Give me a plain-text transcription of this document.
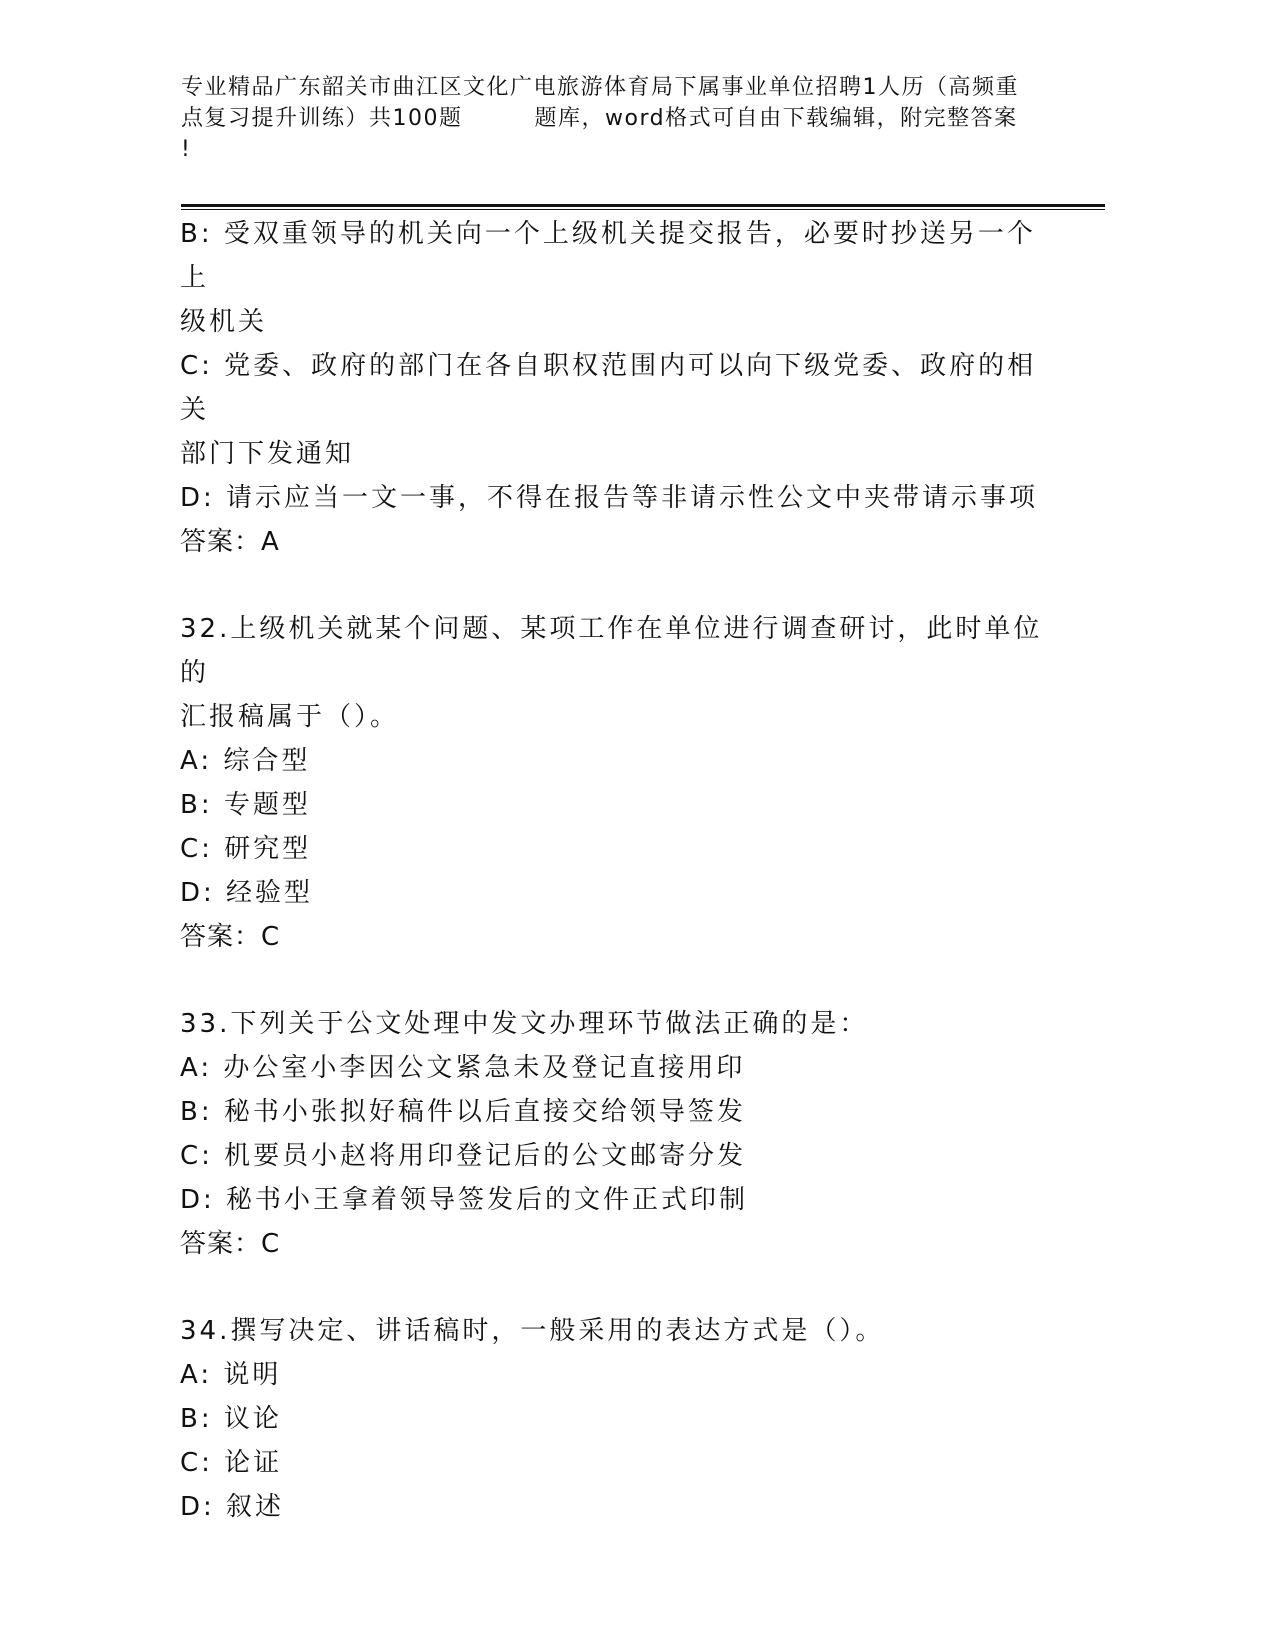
专业精品广东韶关市曲江区文化广电旅游体育局下属事业单位招聘1人历（高频重
点复习提升训练）共100题	题库，word格式可自由下载编辑，附完整答案
!
B: 受双重领导的机关向一个上级机关提交报告，必要时抄送另一个上
级机关
C: 党委、政府的部门在各自职权范围内可以向下级党委、政府的相关
部门下发通知
D: 请示应当一文一事，不得在报告等非请示性公文中夹带请示事项
答案：A
32.上级机关就某个问题、某项工作在单位进行调查研讨，此时单位的
汇报稿属于（）。
A: 综合型
B: 专题型
C: 研究型
D: 经验型
答案：C
33.下列关于公文处理中发文办理环节做法正确的是：
A: 办公室小李因公文紧急未及登记直接用印
B: 秘书小张拟好稿件以后直接交给领导签发
C: 机要员小赵将用印登记后的公文邮寄分发
D: 秘书小王拿着领导签发后的文件正式印制
答案：C
34.撰写决定、讲话稿时，一般采用的表达方式是（）。
A: 说明
B: 议论
C: 论证
D: 叙述
